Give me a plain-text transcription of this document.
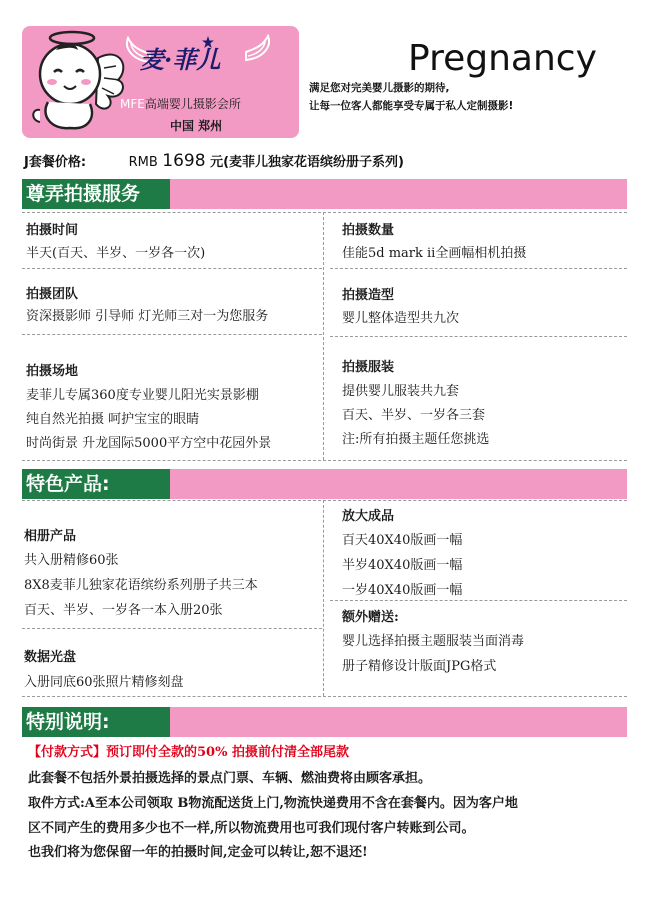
麦·菲儿
MFE高端婴儿摄影会所
中国 郑州
Pregnancy
满足您对完美婴儿摄影的期待,
让每一位客人都能享受专属于私人定制摄影!
J套餐价格:	RMB 1698 元(麦菲儿独家花语缤纷册子系列)
尊弄拍摄服务
拍摄时间
半天(百天、半岁、一岁各一次)
拍摄数量
佳能5d mark ii全画幅相机拍摄
拍摄团队
资深摄影师 引导师 灯光师三对一为您服务
拍摄造型
婴儿整体造型共九次
拍摄场地
麦菲儿专属360度专业婴儿阳光实景影棚
纯自然光拍摄 呵护宝宝的眼睛
时尚街景 升龙国际5000平方空中花园外景
拍摄服装
提供婴儿服装共九套
百天、半岁、一岁各三套
注:所有拍摄主题任您挑选
特色产品:
相册产品
共入册精修60张
8X8麦菲儿独家花语缤纷系列册子共三本
百天、半岁、一岁各一本入册20张
放大成品
百天40X40版画一幅
半岁40X40版画一幅
一岁40X40版画一幅
额外赠送:
婴儿选择拍摄主题服装当面消毒
册子精修设计版面JPG格式
数据光盘
入册同底60张照片精修刻盘
特别说明:
【付款方式】预订即付全款的50% 拍摄前付清全部尾款
此套餐不包括外景拍摄选择的景点门票、车辆、燃油费将由顾客承担。
取件方式:A至本公司领取 B物流配送货上门,物流快递费用不含在套餐内。因为客户地
区不同产生的费用多少也不一样,所以物流费用也可我们现付客户转账到公司。
也我们将为您保留一年的拍摄时间,定金可以转让,恕不退还!
